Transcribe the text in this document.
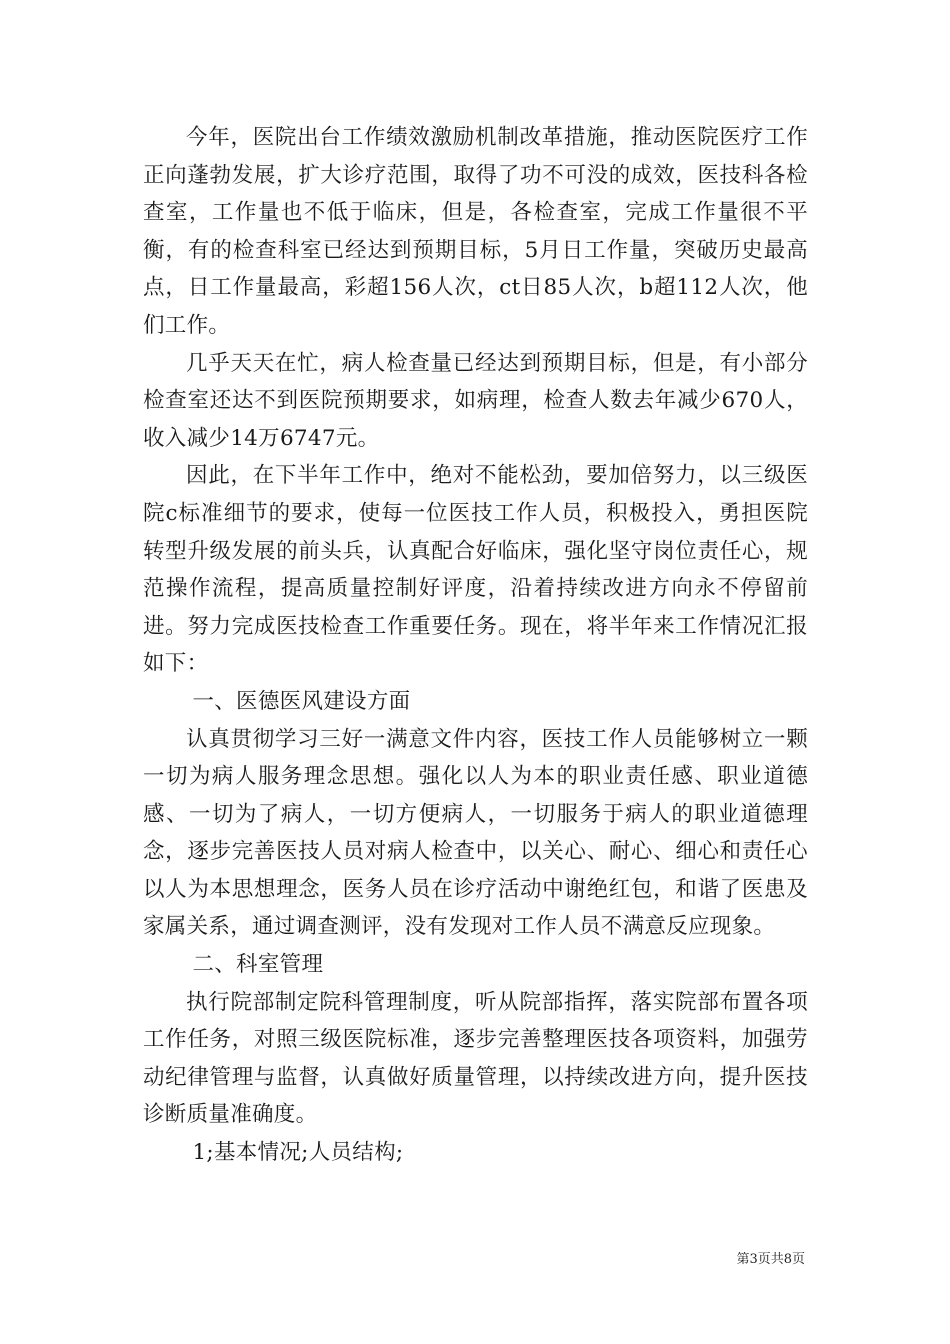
今年，医院出台工作绩效激励机制改革措施，推动医院医疗工作正向蓬勃发展，扩大诊疗范围，取得了功不可没的成效，医技科各检查室，工作量也不低于临床，但是，各检查室，完成工作量很不平衡，有的检查科室已经达到预期目标，5月日工作量，突破历史最高点，日工作量最高，彩超156人次，ct日85人次，b超112人次，他们工作。

几乎天天在忙，病人检查量已经达到预期目标，但是，有小部分检查室还达不到医院预期要求，如病理，检查人数去年减少670人，收入减少14万6747元。

因此，在下半年工作中，绝对不能松劲，要加倍努力，以三级医院c标准细节的要求，使每一位医技工作人员，积极投入，勇担医院转型升级发展的前头兵，认真配合好临床，强化坚守岗位责任心，规范操作流程，提高质量控制好评度，沿着持续改进方向永不停留前进。努力完成医技检查工作重要任务。现在，将半年来工作情况汇报如下：

一、医德医风建设方面

认真贯彻学习三好一满意文件内容，医技工作人员能够树立一颗一切为病人服务理念思想。强化以人为本的职业责任感、职业道德感、一切为了病人，一切方便病人，一切服务于病人的职业道德理念，逐步完善医技人员对病人检查中，以关心、耐心、细心和责任心以人为本思想理念，医务人员在诊疗活动中谢绝红包，和谐了医患及家属关系，通过调查测评，没有发现对工作人员不满意反应现象。

二、科室管理

执行院部制定院科管理制度，听从院部指挥，落实院部布置各项工作任务，对照三级医院标准，逐步完善整理医技各项资料，加强劳动纪律管理与监督，认真做好质量管理，以持续改进方向，提升医技诊断质量准确度。

1;基本情况;人员结构;

第3页共8页
